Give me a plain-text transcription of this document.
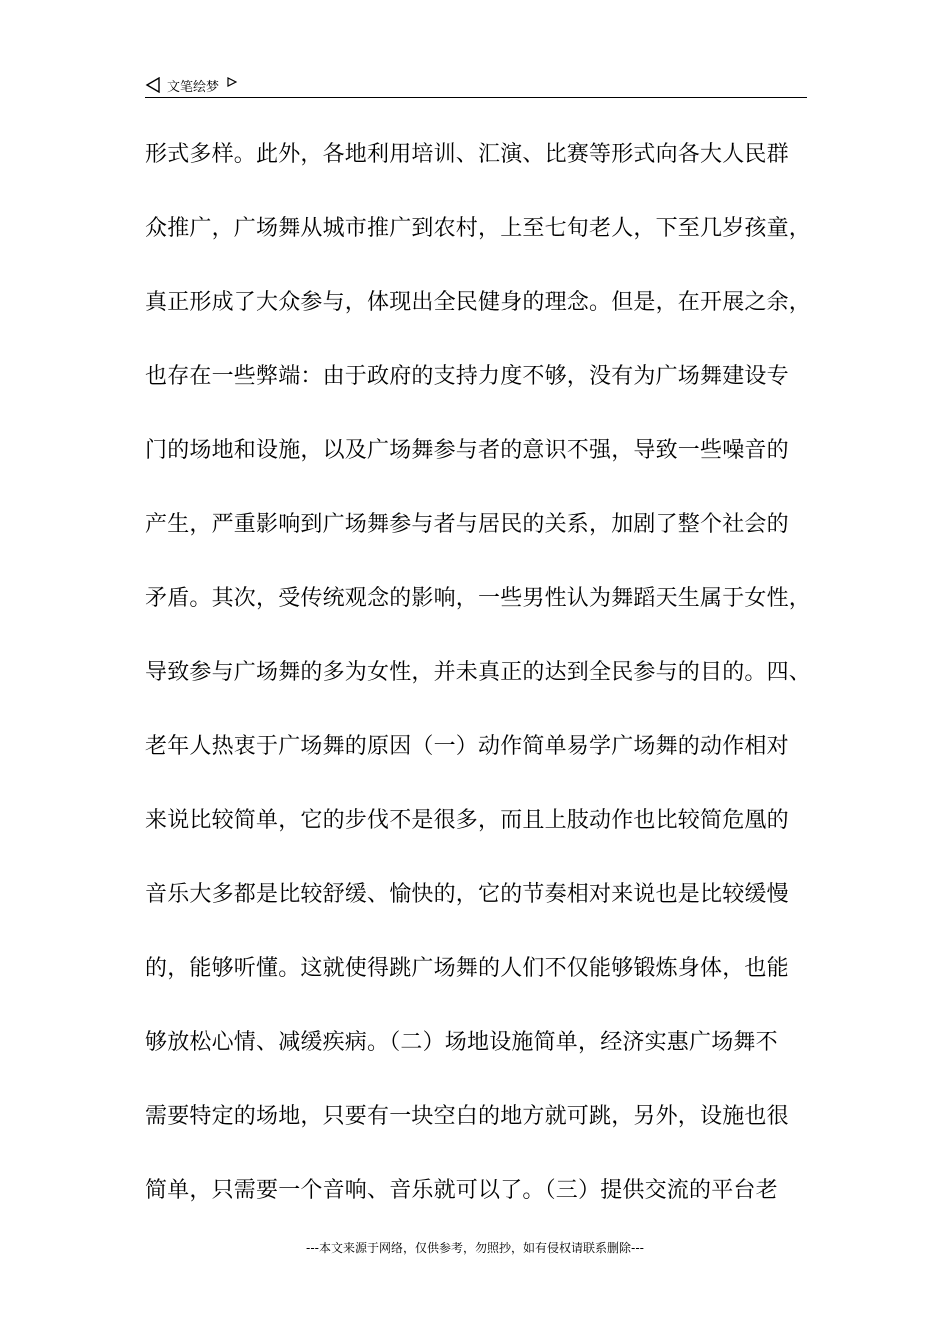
文笔绘梦
形式多样。此外，各地利用培训、汇演、比赛等形式向各大人民群
众推广，广场舞从城市推广到农村，上至七旬老人，下至几岁孩童，
真正形成了大众参与，体现出全民健身的理念。但是，在开展之余，
也存在一些弊端：由于政府的支持力度不够，没有为广场舞建设专
门的场地和设施，以及广场舞参与者的意识不强，导致一些噪音的
产生，严重影响到广场舞参与者与居民的关系，加剧了整个社会的
矛盾。其次，受传统观念的影响，一些男性认为舞蹈天生属于女性，
导致参与广场舞的多为女性，并未真正的达到全民参与的目的。四、
老年人热衷于广场舞的原因（一）动作简单易学广场舞的动作相对
来说比较简单，它的步伐不是很多，而且上肢动作也比较简危凰的
音乐大多都是比较舒缓、愉快的，它的节奏相对来说也是比较缓慢
的，能够听懂。这就使得跳广场舞的人们不仅能够锻炼身体，也能
够放松心情、减缓疾病。（二）场地设施简单，经济实惠广场舞不
需要特定的场地，只要有一块空白的地方就可跳，另外，设施也很
简单，只需要一个音响、音乐就可以了。（三）提供交流的平台老
---本文来源于网络，仅供参考，勿照抄，如有侵权请联系删除---
